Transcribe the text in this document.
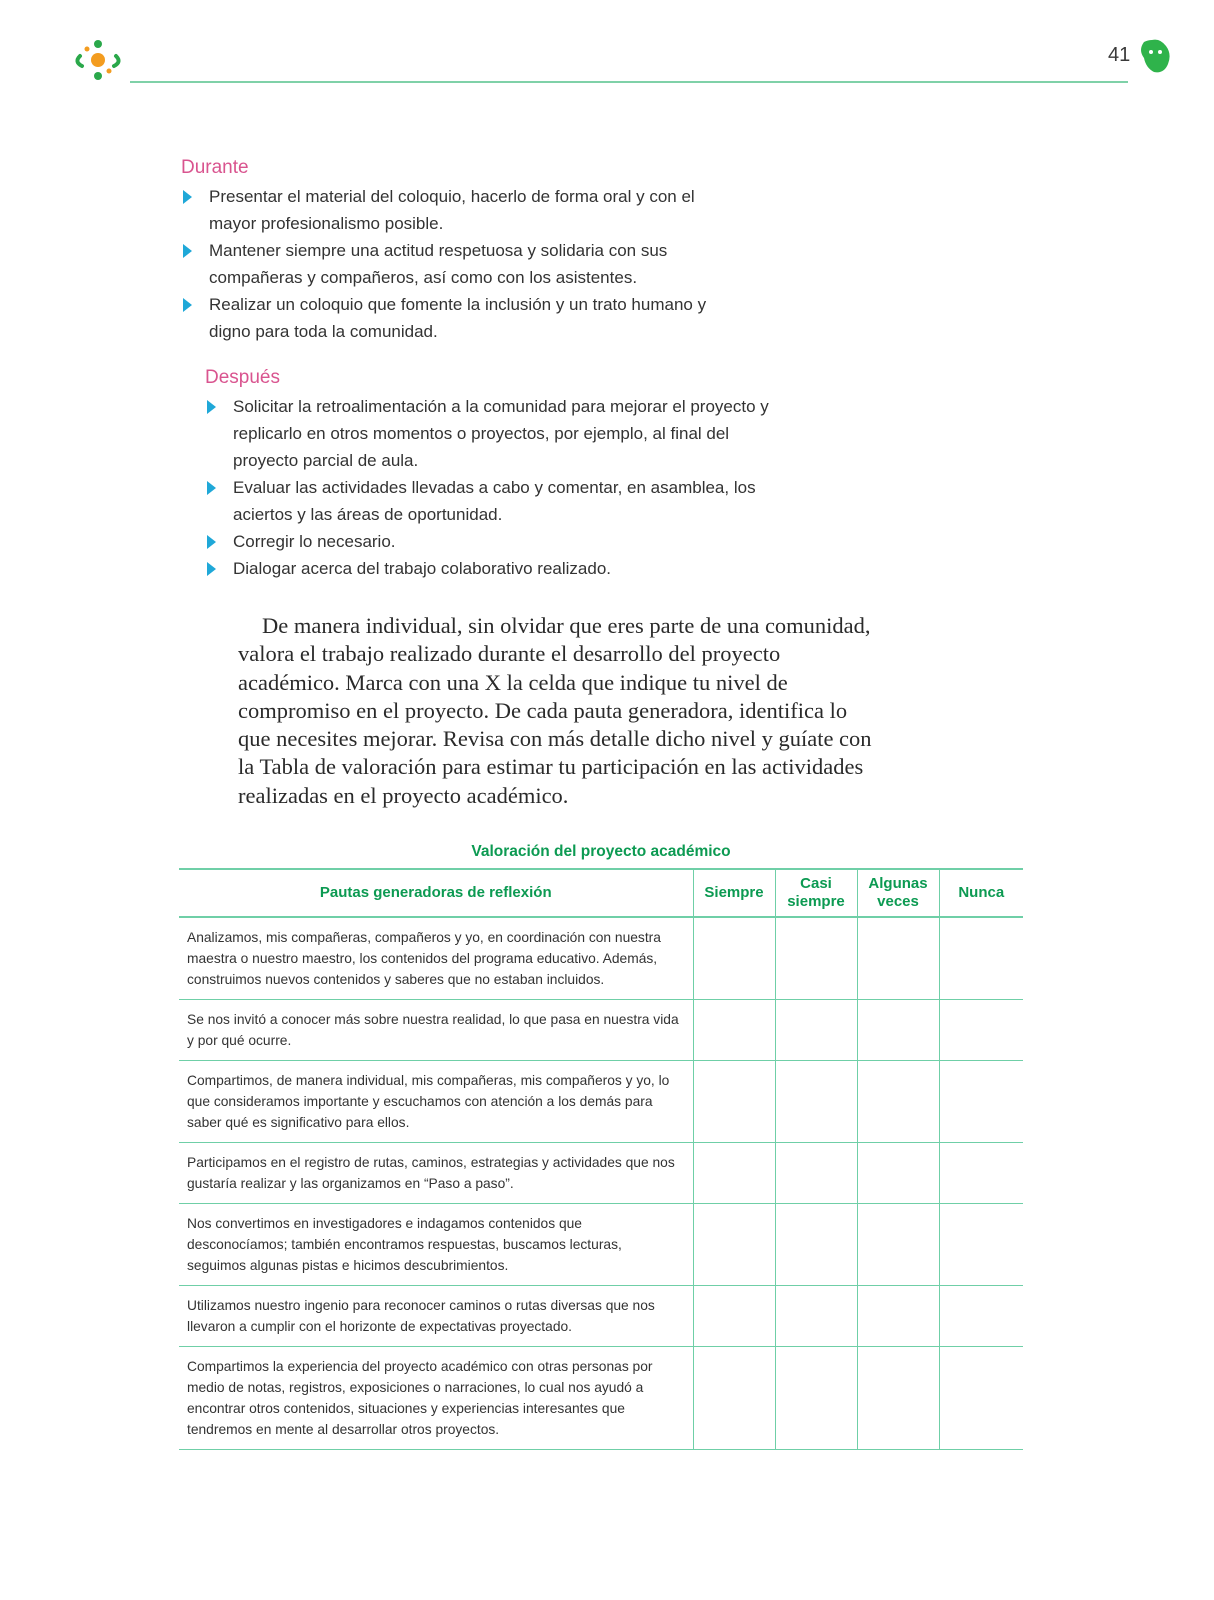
41
Durante
Presentar el material del coloquio, hacerlo de forma oral y con el mayor profesionalismo posible.
Mantener siempre una actitud respetuosa y solidaria con sus compañeras y compañeros, así como con los asistentes.
Realizar un coloquio que fomente la inclusión y un trato humano y digno para toda la comunidad.
Después
Solicitar la retroalimentación a la comunidad para mejorar el proyecto y replicarlo en otros momentos o proyectos, por ejemplo, al final del proyecto parcial de aula.
Evaluar las actividades llevadas a cabo y comentar, en asamblea, los aciertos y las áreas de oportunidad.
Corregir lo necesario.
Dialogar acerca del trabajo colaborativo realizado.

De manera individual, sin olvidar que eres parte de una comunidad, valora el trabajo realizado durante el desarrollo del proyecto académico. Marca con una X la celda que indique tu nivel de compromiso en el proyecto. De cada pauta generadora, identifica lo que necesites mejorar. Revisa con más detalle dicho nivel y guíate con la Tabla de valoración para estimar tu participación en las actividades realizadas en el proyecto académico.

Valoración del proyecto académico
Pautas generadoras de reflexión	Siempre	Casi siempre	Algunas veces	Nunca
Analizamos, mis compañeras, compañeros y yo, en coordinación con nuestra maestra o nuestro maestro, los contenidos del programa educativo. Además, construimos nuevos contenidos y saberes que no estaban incluidos.				
Se nos invitó a conocer más sobre nuestra realidad, lo que pasa en nuestra vida y por qué ocurre.				
Compartimos, de manera individual, mis compañeras, mis compañeros y yo, lo que consideramos importante y escuchamos con atención a los demás para saber qué es significativo para ellos.				
Participamos en el registro de rutas, caminos, estrategias y actividades que nos gustaría realizar y las organizamos en “Paso a paso”.				
Nos convertimos en investigadores e indagamos contenidos que desconocíamos; también encontramos respuestas, buscamos lecturas, seguimos algunas pistas e hicimos descubrimientos.				
Utilizamos nuestro ingenio para reconocer caminos o rutas diversas que nos llevaron a cumplir con el horizonte de expectativas proyectado.				
Compartimos la experiencia del proyecto académico con otras personas por medio de notas, registros, exposiciones o narraciones, lo cual nos ayudó a encontrar otros contenidos, situaciones y experiencias interesantes que tendremos en mente al desarrollar otros proyectos.				
